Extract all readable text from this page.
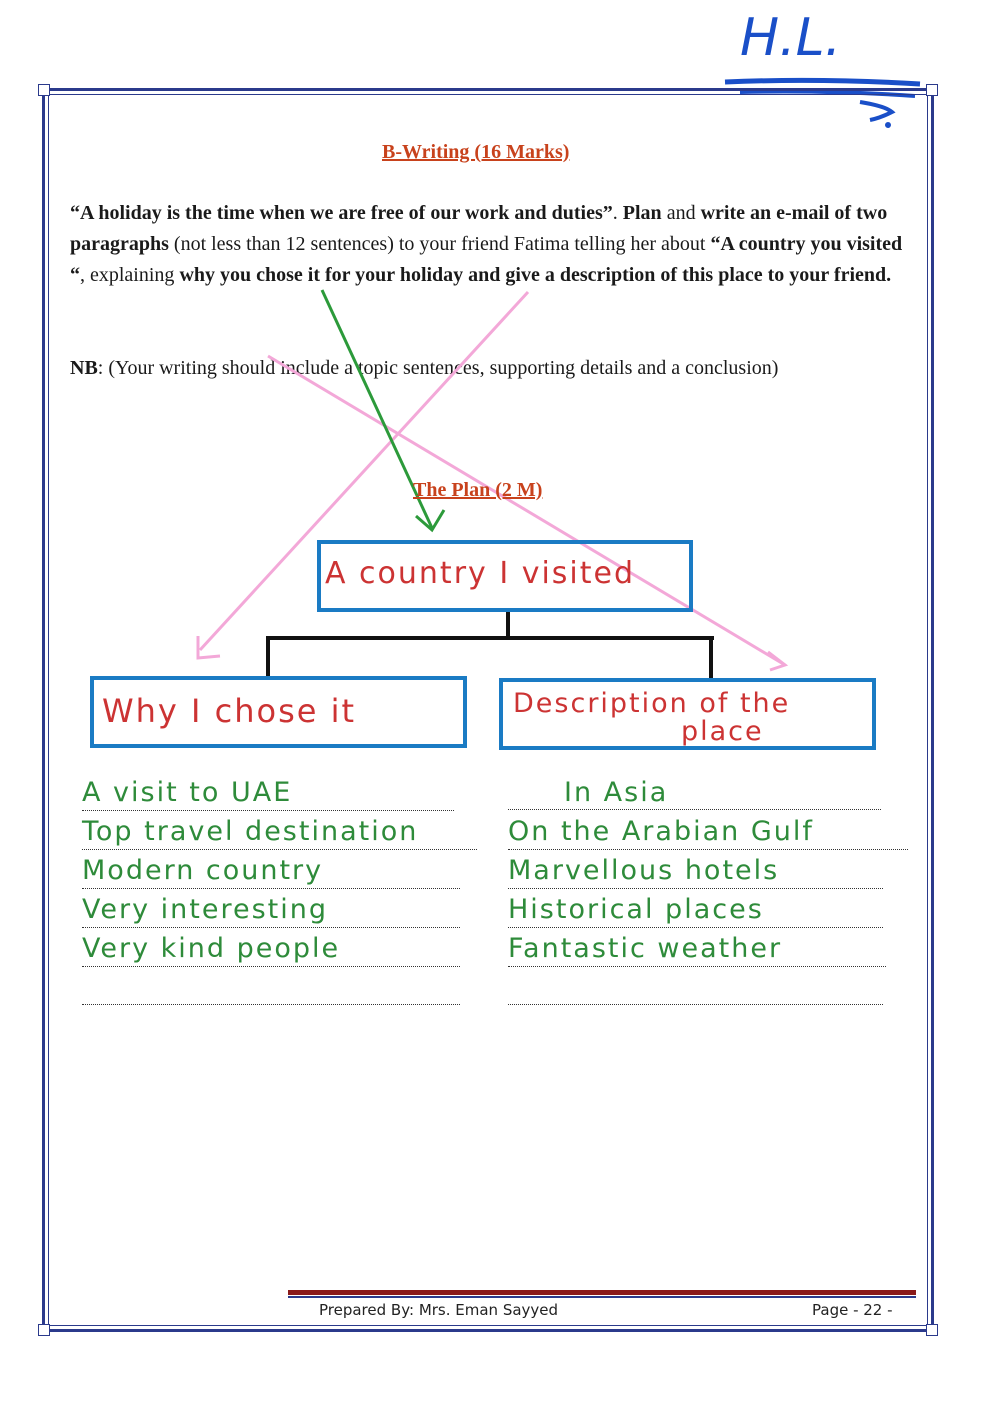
H.L.
B-Writing (16 Marks)
“A holiday is the time when we are free of our work and duties”. Plan and write an e-mail of two paragraphs (not less than 12 sentences) to your friend Fatima telling her about “A country you visited “, explaining why you chose it for your holiday and give a description of this place to your friend.
NB: (Your writing should include a topic sentences, supporting details and a conclusion)
The Plan (2 M)
A country I visited
Why I chose it	Description of the
place
A visit to UAE
Top travel destination
Modern country
Very interesting
Very kind people
In Asia
On the Arabian Gulf
Marvellous hotels
Historical places
Fantastic weather
Prepared By: Mrs. Eman Sayyed	Page - 22 -
